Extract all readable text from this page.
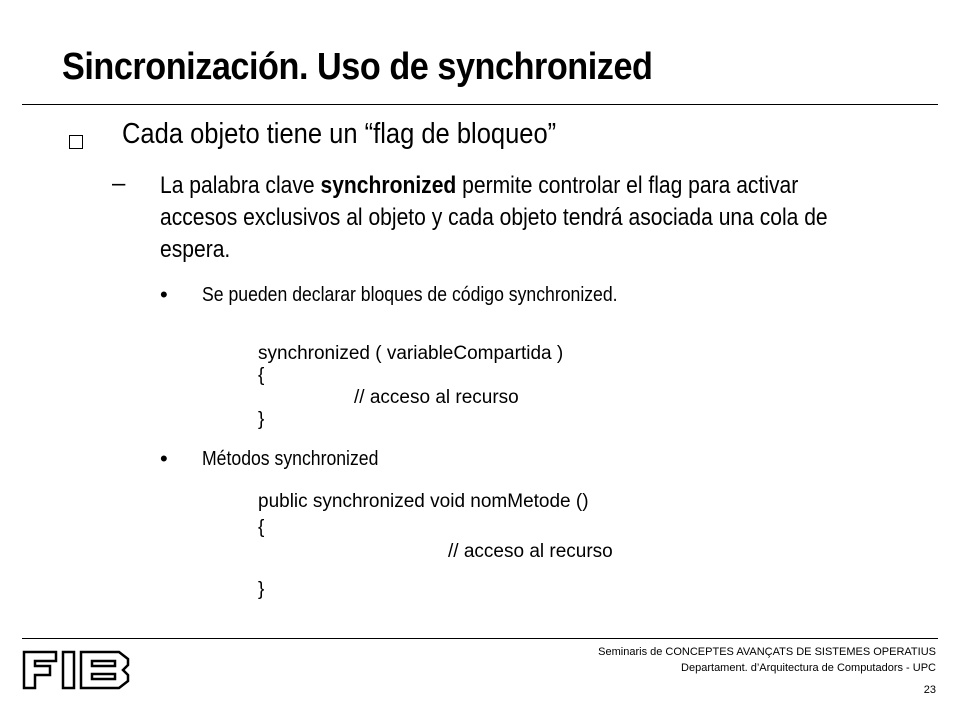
Sincronización. Uso de synchronized
Cada objeto tiene un “flag de bloqueo”
– La palabra clave synchronized permite controlar el flag para activar accesos exclusivos al objeto y cada objeto tendrá asociada una cola de espera.
• Se pueden declarar bloques de código synchronized.
synchronized ( variableCompartida )
{
// acceso al recurso
}
• Métodos synchronized
public synchronized void nomMetode ()
{
// acceso al recurso
}
Seminaris de CONCEPTES AVANÇATS DE SISTEMES OPERATIUS
Departament. d’Arquitectura de Computadors - UPC
23
